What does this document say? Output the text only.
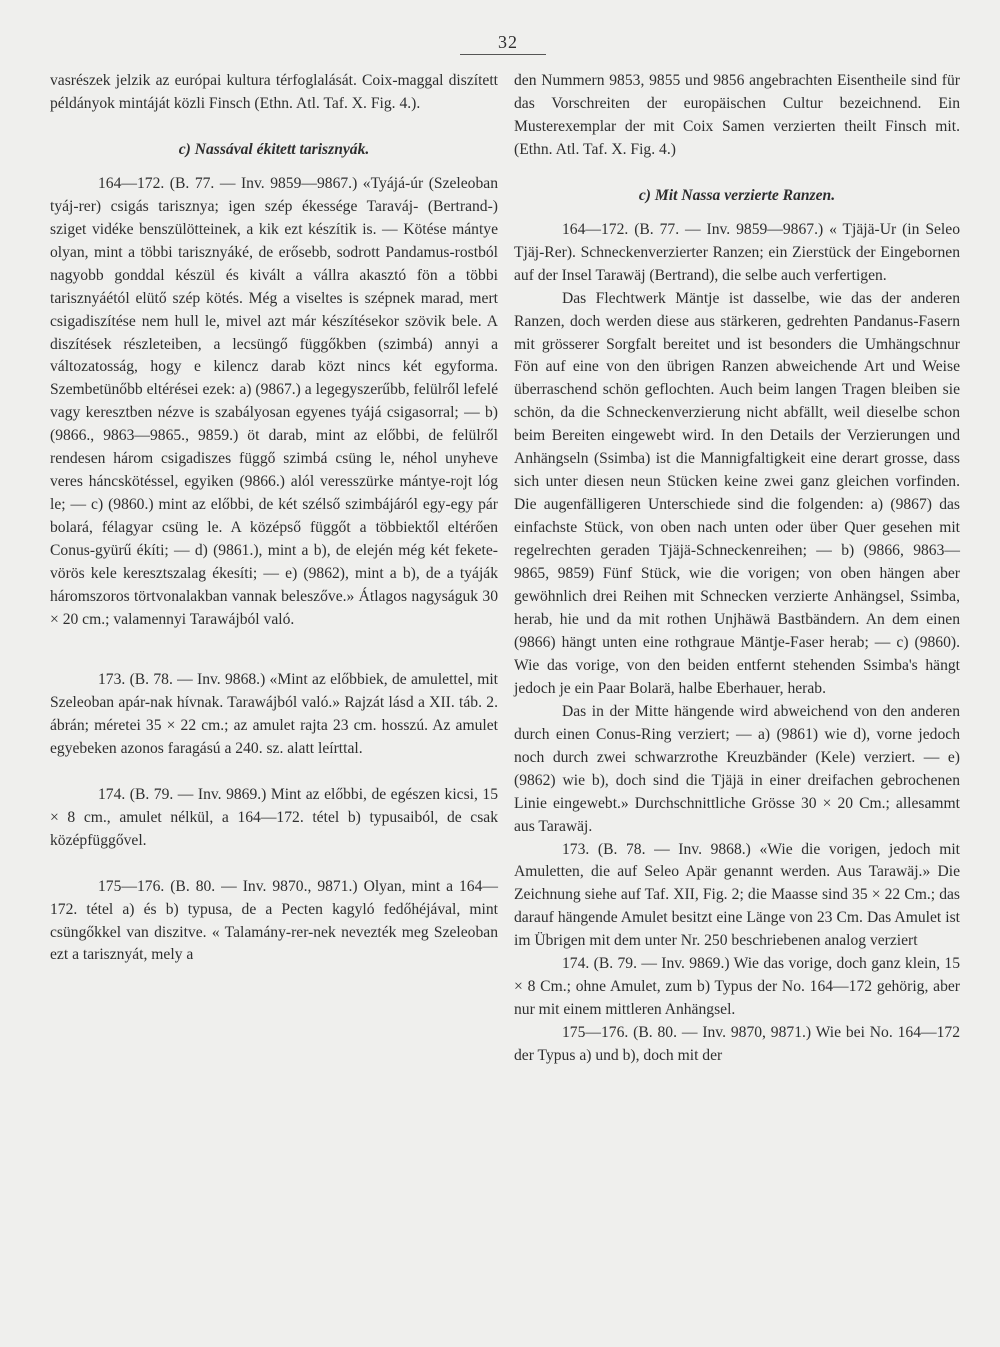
32

vasrészek jelzik az európai kultura térfoglalását. Coix-maggal diszített példányok mintáját közli Finsch (Ethn. Atl. Taf. X. Fig. 4.).

c) Nassával ékitett tarisznyák.

164—172. (B. 77. — Inv. 9859—9867.) «Tyájá-úr (Szeleoban tyáj-rer) csigás tarisznya; igen szép ékessége Taraváj- (Bertrand-) sziget vidéke benszülötteinek, a kik ezt készítik is. — Kötése mántye olyan, mint a többi tarisznyáké, de erősebb, sodrott Pandamus-rostból nagyobb gonddal készül és kivált a vállra akasztó fön a többi tarisznyáétól elütő szép kötés. Még a viseltes is szépnek marad, mert csigadiszítése nem hull le, mivel azt már készítésekor szövik bele. A diszítések részleteiben, a lecsüngő függőkben (szimbá) annyi a változatosság, hogy e kilencz darab közt nincs két egyforma. Szembetünőbb eltérései ezek: a) (9867.) a legegyszerűbb, felülről lefelé vagy keresztben nézve is szabályosan egyenes tyájá csigasorral; — b) (9866., 9863—9865., 9859.) öt darab, mint az előbbi, de felülről rendesen három csigadiszes függő szimbá csüng le, néhol unyheve veres háncskötéssel, egyiken (9866.) alól veresszürke mántye-rojt lóg le; — c) (9860.) mint az előbbi, de két szélső szimbájáról egy-egy pár bolará, félagyar csüng le. A középső függőt a többiektől eltérően Conus-gyürű ékíti; — d) (9861.), mint a b), de elején még két fekete-vörös kele keresztszalag ékesíti; — e) (9862), mint a b), de a tyáják háromszoros törtvonalakban vannak beleszőve.» Átlagos nagyságuk 30 × 20 cm.; valamennyi Tarawájból való.

173. (B. 78. — Inv. 9868.) «Mint az előbbiek, de amulettel, mit Szeleoban apár-nak hívnak. Tarawájból való.» Rajzát lásd a XII. táb. 2. ábrán; méretei 35 × 22 cm.; az amulet rajta 23 cm. hosszú. Az amulet egyebeken azonos faragású a 240. sz. alatt leírttal.

174. (B. 79. — Inv. 9869.) Mint az előbbi, de egészen kicsi, 15 × 8 cm., amulet nélkül, a 164—172. tétel b) typusaiból, de csak középfüggővel.

175—176. (B. 80. — Inv. 9870., 9871.) Olyan, mint a 164—172. tétel a) és b) typusa, de a Pecten kagyló fedőhéjával, mint csüngőkkel van diszitve. « Talamány-rer-nek nevezték meg Szeleoban ezt a tarisznyát, mely a

den Nummern 9853, 9855 und 9856 angebrachten Eisentheile sind für das Vorschreiten der europäischen Cultur bezeichnend. Ein Musterexemplar der mit Coix Samen verzierten theilt Finsch mit. (Ethn. Atl. Taf. X. Fig. 4.)

c) Mit Nassa verzierte Ranzen.

164—172. (B. 77. — Inv. 9859—9867.) « Tjäjä-Ur (in Seleo Tjäj-Rer). Schneckenverzierter Ranzen; ein Zierstück der Eingebornen auf der Insel Tarawäj (Bertrand), die selbe auch verfertigen.

Das Flechtwerk Mäntje ist dasselbe, wie das der anderen Ranzen, doch werden diese aus stärkeren, gedrehten Pandanus-Fasern mit grösserer Sorgfalt bereitet und ist besonders die Umhängschnur Fön auf eine von den übrigen Ranzen abweichende Art und Weise überraschend schön geflochten. Auch beim langen Tragen bleiben sie schön, da die Schneckenverzierung nicht abfällt, weil dieselbe schon beim Bereiten eingewebt wird. In den Details der Verzierungen und Anhängseln (Ssimba) ist die Mannigfaltigkeit eine derart grosse, dass sich unter diesen neun Stücken keine zwei ganz gleichen vorfinden. Die augenfälligeren Unterschiede sind die folgenden: a) (9867) das einfachste Stück, von oben nach unten oder über Quer gesehen mit regelrechten geraden Tjäjä-Schneckenreihen; — b) (9866, 9863—9865, 9859) Fünf Stück, wie die vorigen; von oben hängen aber gewöhnlich drei Reihen mit Schnecken verzierte Anhängsel, Ssimba, herab, hie und da mit rothen Unjhäwä Bastbändern. An dem einen (9866) hängt unten eine rothgraue Mäntje-Faser herab; — c) (9860). Wie das vorige, von den beiden entfernt stehenden Ssimba's hängt jedoch je ein Paar Bolarä, halbe Eberhauer, herab.

Das in der Mitte hängende wird abweichend von den anderen durch einen Conus-Ring verziert; — a) (9861) wie d), vorne jedoch noch durch zwei schwarzrothe Kreuzbänder (Kele) verziert. — e) (9862) wie b), doch sind die Tjäjä in einer dreifachen gebrochenen Linie eingewebt.» Durchschnittliche Grösse 30 × 20 Cm.; allesammt aus Tarawäj.

173. (B. 78. — Inv. 9868.) «Wie die vorigen, jedoch mit Amuletten, die auf Seleo Apär genannt werden. Aus Tarawäj.» Die Zeichnung siehe auf Taf. XII, Fig. 2; die Maasse sind 35 × 22 Cm.; das darauf hängende Amulet besitzt eine Länge von 23 Cm. Das Amulet ist im Übrigen mit dem unter Nr. 250 beschriebenen analog verziert

174. (B. 79. — Inv. 9869.) Wie das vorige, doch ganz klein, 15 × 8 Cm.; ohne Amulet, zum b) Typus der No. 164—172 gehörig, aber nur mit einem mittleren Anhängsel.

175—176. (B. 80. — Inv. 9870, 9871.) Wie bei No. 164—172 der Typus a) und b), doch mit der
